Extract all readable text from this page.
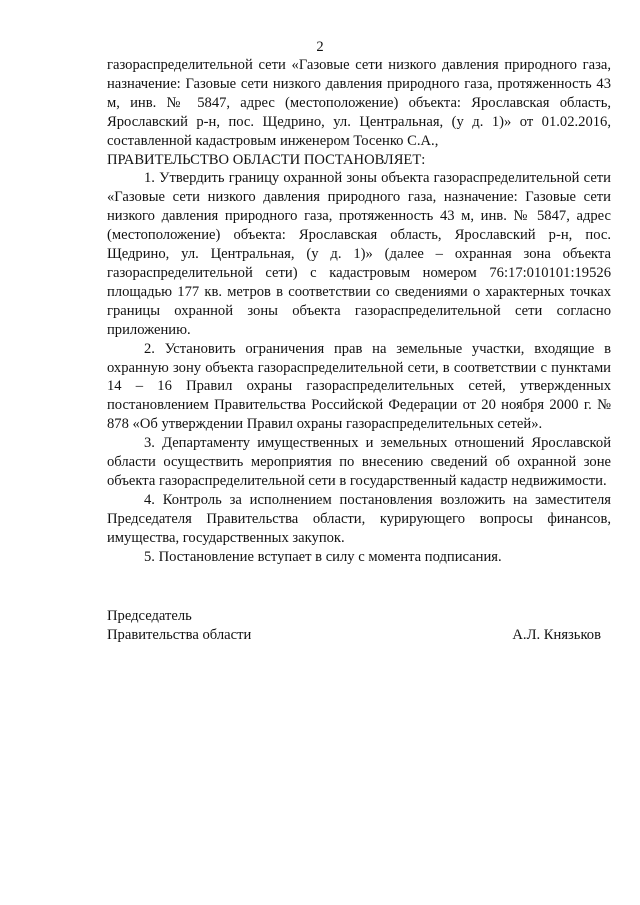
2

газораспределительной сети «Газовые сети низкого давления природного газа, назначение: Газовые сети низкого давления природного газа, протяженность 43 м, инв. № 5847, адрес (местоположение) объекта: Ярославская область, Ярославский р-н, пос. Щедрино, ул. Центральная, (у д. 1)» от 01.02.2016, составленной кадастровым инженером Тосенко С.А.,

ПРАВИТЕЛЬСТВО ОБЛАСТИ ПОСТАНОВЛЯЕТ:

1. Утвердить границу охранной зоны объекта газораспределительной сети «Газовые сети низкого давления природного газа, назначение: Газовые сети низкого давления природного газа, протяженность 43 м, инв. № 5847, адрес (местоположение) объекта: Ярославская область, Ярославский р-н, пос. Щедрино, ул. Центральная, (у д. 1)» (далее – охранная зона объекта газораспределительной сети) с кадастровым номером 76:17:010101:19526 площадью 177 кв. метров в соответствии со сведениями о характерных точках границы охранной зоны объекта газораспределительной сети согласно приложению.

2. Установить ограничения прав на земельные участки, входящие в охранную зону объекта газораспределительной сети, в соответствии с пунктами 14 – 16 Правил охраны газораспределительных сетей, утвержденных постановлением Правительства Российской Федерации от 20 ноября 2000 г. № 878 «Об утверждении Правил охраны газораспределительных сетей».

3. Департаменту имущественных и земельных отношений Ярославской области осуществить мероприятия по внесению сведений об охранной зоне объекта газораспределительной сети в государственный кадастр недвижимости.

4. Контроль за исполнением постановления возложить на заместителя Председателя Правительства области, курирующего вопросы финансов, имущества, государственных закупок.

5. Постановление вступает в силу с момента подписания.

Председатель
Правительства области	А.Л. Князьков
